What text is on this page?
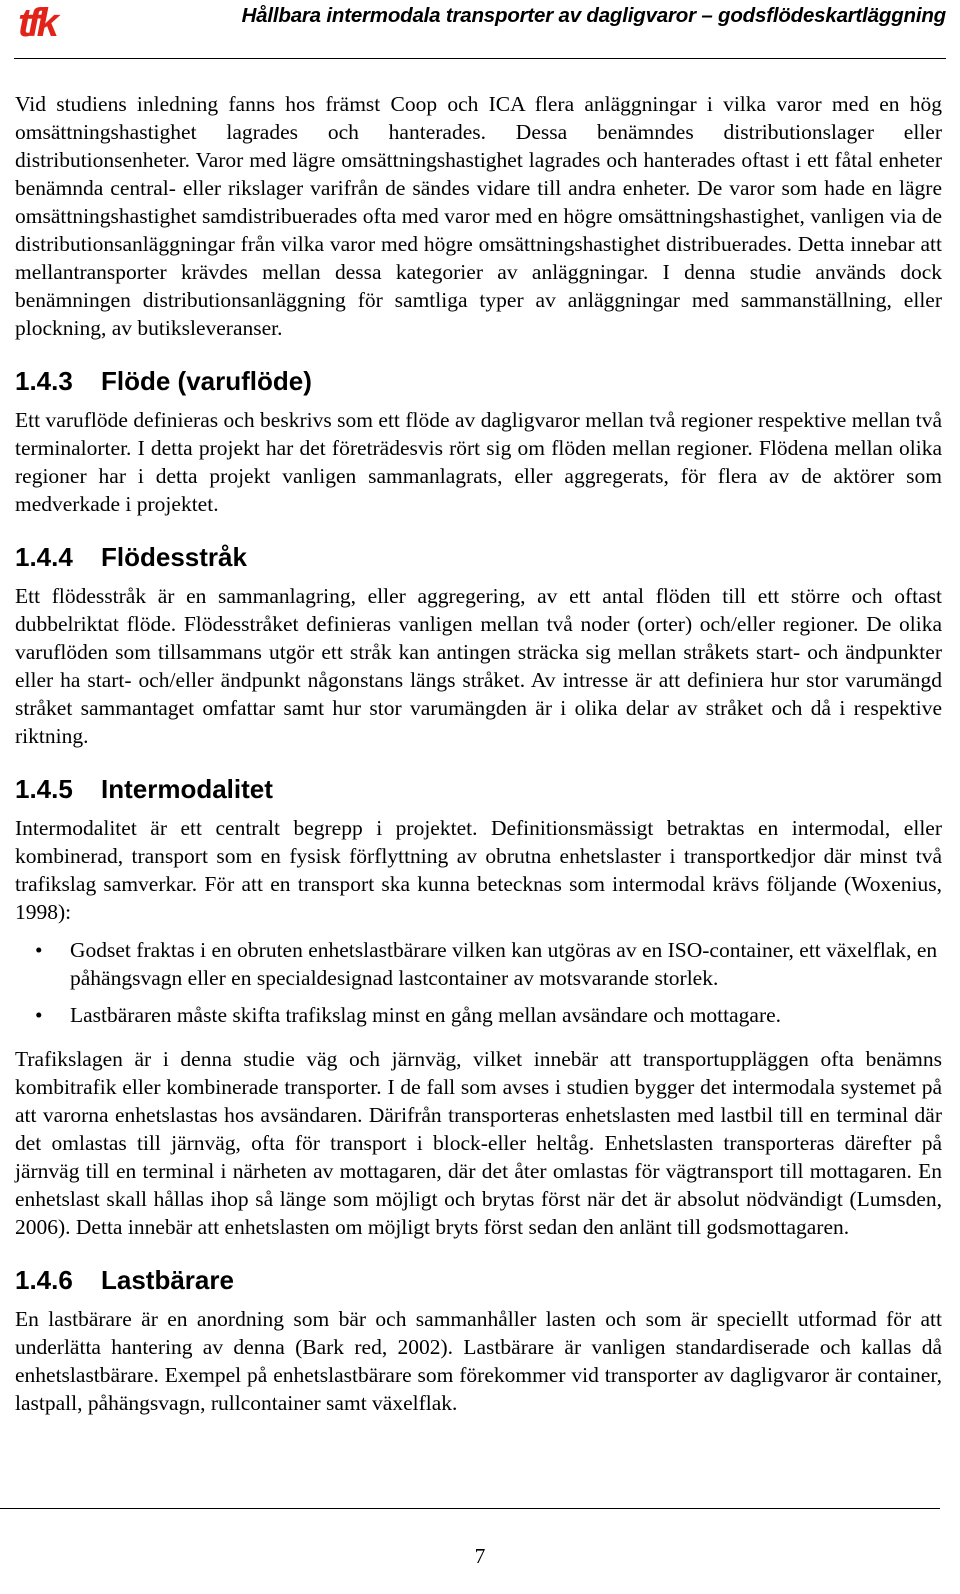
tfk	Hållbara intermodala transporter av dagligvaror – godsflödeskartläggning

Vid studiens inledning fanns hos främst Coop och ICA flera anläggningar i vilka varor med en hög omsättningshastighet lagrades och hanterades. Dessa benämndes distributionslager eller distributionsenheter. Varor med lägre omsättningshastighet lagrades och hanterades oftast i ett fåtal enheter benämnda central- eller rikslager varifrån de sändes vidare till andra enheter. De varor som hade en lägre omsättningshastighet samdistribuerades ofta med varor med en högre omsättningshastighet, vanligen via de distributionsanläggningar från vilka varor med högre omsättningshastighet distribuerades. Detta innebar att mellantransporter krävdes mellan dessa kategorier av anläggningar. I denna studie används dock benämningen distributionsanläggning för samtliga typer av anläggningar med sammanställning, eller plockning, av butiksleveranser.

1.4.3	Flöde (varuflöde)

Ett varuflöde definieras och beskrivs som ett flöde av dagligvaror mellan två regioner respektive mellan två terminalorter. I detta projekt har det företrädesvis rört sig om flöden mellan regioner. Flödena mellan olika regioner har i detta projekt vanligen sammanlagrats, eller aggregerats, för flera av de aktörer som medverkade i projektet.

1.4.4	Flödesstråk

Ett flödesstråk är en sammanlagring, eller aggregering, av ett antal flöden till ett större och oftast dubbelriktat flöde. Flödesstråket definieras vanligen mellan två noder (orter) och/eller regioner. De olika varuflöden som tillsammans utgör ett stråk kan antingen sträcka sig mellan stråkets start- och ändpunkter eller ha start- och/eller ändpunkt någonstans längs stråket. Av intresse är att definiera hur stor varumängd stråket sammantaget omfattar samt hur stor varumängden är i olika delar av stråket och då i respektive riktning.

1.4.5	Intermodalitet

Intermodalitet är ett centralt begrepp i projektet. Definitionsmässigt betraktas en intermodal, eller kombinerad, transport som en fysisk förflyttning av obrutna enhetslaster i transportkedjor där minst två trafikslag samverkar. För att en transport ska kunna betecknas som intermodal krävs följande (Woxenius, 1998):

• Godset fraktas i en obruten enhetslastbärare vilken kan utgöras av en ISO-container, ett växelflak, en påhängsvagn eller en specialdesignad lastcontainer av motsvarande storlek.
• Lastbäraren måste skifta trafikslag minst en gång mellan avsändare och mottagare.

Trafikslagen är i denna studie väg och järnväg, vilket innebär att transportuppläggen ofta benämns kombitrafik eller kombinerade transporter. I de fall som avses i studien bygger det intermodala systemet på att varorna enhetslastas hos avsändaren. Därifrån transporteras enhetslasten med lastbil till en terminal där det omlastas till järnväg, ofta för transport i block-eller heltåg. Enhetslasten transporteras därefter på järnväg till en terminal i närheten av mottagaren, där det åter omlastas för vägtransport till mottagaren. En enhetslast skall hållas ihop så länge som möjligt och brytas först när det är absolut nödvändigt (Lumsden, 2006). Detta innebär att enhetslasten om möjligt bryts först sedan den anlänt till godsmottagaren.

1.4.6	Lastbärare

En lastbärare är en anordning som bär och sammanhåller lasten och som är speciellt utformad för att underlätta hantering av denna (Bark red, 2002). Lastbärare är vanligen standardiserade och kallas då enhetslastbärare. Exempel på enhetslastbärare som förekommer vid transporter av dagligvaror är container, lastpall, påhängsvagn, rullcontainer samt växelflak.

7
